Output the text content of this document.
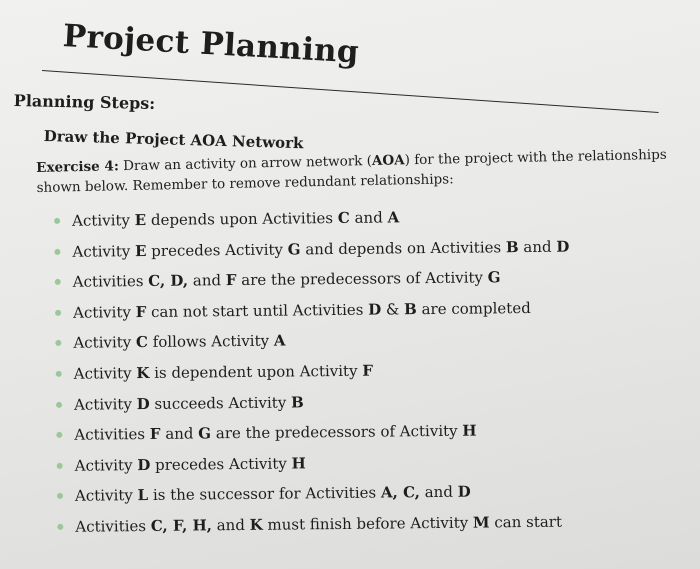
Project Planning
Planning Steps:
Draw the Project AOA Network
Exercise 4: Draw an activity on arrow network (AOA) for the project with the relationships shown below. Remember to remove redundant relationships:
Activity E depends upon Activities C and A
Activity E precedes Activity G and depends on Activities B and D
Activities C, D, and F are the predecessors of Activity G
Activity F can not start until Activities D & B are completed
Activity C follows Activity A
Activity K is dependent upon Activity F
Activity D succeeds Activity B
Activities F and G are the predecessors of Activity H
Activity D precedes Activity H
Activity L is the successor for Activities A, C, and D
Activities C, F, H, and K must finish before Activity M can start
